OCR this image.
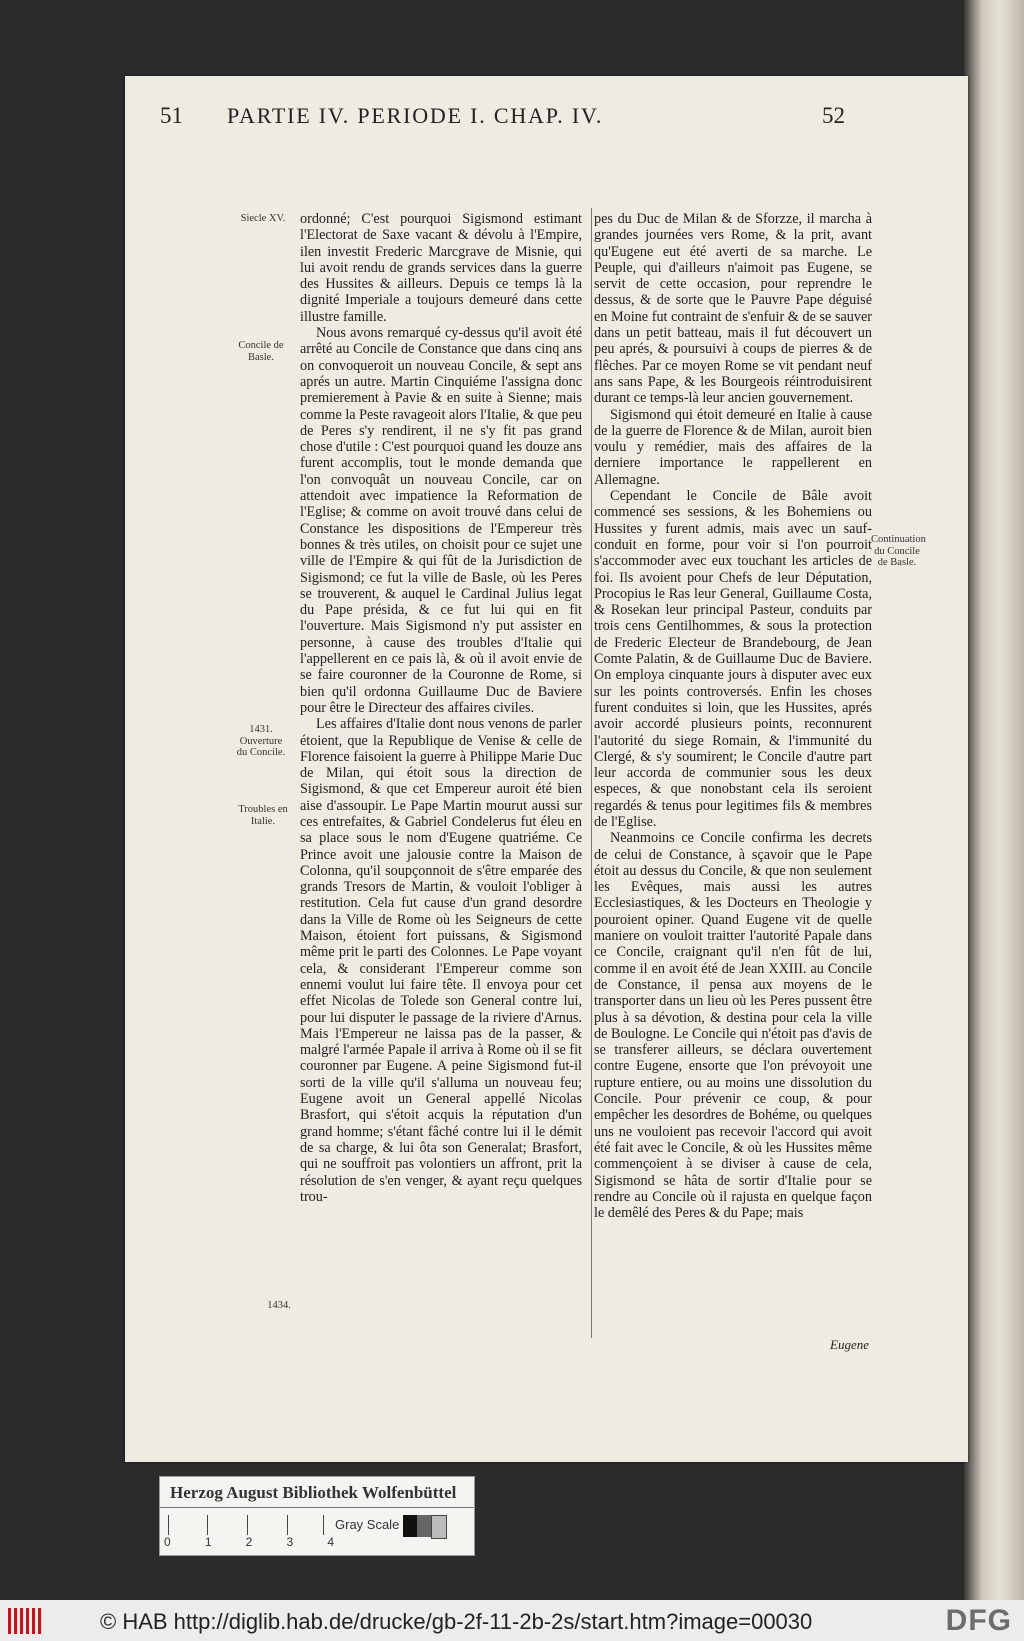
51 PARTIE IV. PERIODE I. CHAP. IV.	52
Siecle XV.
Concile de Basle.
1431. Ouverture du Concile.
Troubles en Italie.
1434.
Continuation du Concile de Basle.

ordonné; C'est pourquoi Sigismond estimant l'Electorat de Saxe vacant & dévolu à l'Empire, ilen investit Frederic Marcgrave de Misnie, qui lui avoit rendu de grands services dans la guerre des Hussites & ailleurs. Depuis ce temps là la dignité Imperiale a toujours demeuré dans cette illustre famille.

Nous avons remarqué cy-dessus qu'il avoit été arrêté au Concile de Constance que dans cinq ans on convoqueroit un nouveau Concile, & sept ans aprés un autre. Martin Cinquiéme l'assigna donc premierement à Pavie & en suite à Sienne; mais comme la Peste ravageoit alors l'Italie, & que peu de Peres s'y rendirent, il ne s'y fit pas grand chose d'utile : C'est pourquoi quand les douze ans furent accomplis, tout le monde demanda que l'on convoquât un nouveau Concile, car on attendoit avec impatience la Reformation de l'Eglise; & comme on avoit trouvé dans celui de Constance les dispositions de l'Empereur très bonnes & très utiles, on choisit pour ce sujet une ville de l'Empire & qui fût de la Jurisdiction de Sigismond; ce fut la ville de Basle, où les Peres se trouverent, & auquel le Cardinal Julius legat du Pape présida, & ce fut lui qui en fit l'ouverture. Mais Sigismond n'y put assister en personne, à cause des troubles d'Italie qui l'appellerent en ce pais là, & où il avoit envie de se faire couronner de la Couronne de Rome, si bien qu'il ordonna Guillaume Duc de Baviere pour être le Directeur des affaires civiles.

Les affaires d'Italie dont nous venons de parler étoient, que la Republique de Venise & celle de Florence faisoient la guerre à Philippe Marie Duc de Milan, qui étoit sous la direction de Sigismond, & que cet Empereur auroit été bien aise d'assoupir. Le Pape Martin mourut aussi sur ces entrefaites, & Gabriel Condelerus fut éleu en sa place sous le nom d'Eugene quatriéme. Ce Prince avoit une jalousie contre la Maison de Colonna, qu'il soupçonnoit de s'être emparée des grands Tresors de Martin, & vouloit l'obliger à restitution. Cela fut cause d'un grand desordre dans la Ville de Rome où les Seigneurs de cette Maison, étoient fort puissans, & Sigismond même prit le parti des Colonnes. Le Pape voyant cela, & considerant l'Empereur comme son ennemi voulut lui faire tête. Il envoya pour cet effet Nicolas de Tolede son General contre lui, pour lui disputer le passage de la riviere d'Arnus. Mais l'Empereur ne laissa pas de la passer, & malgré l'armée Papale il arriva à Rome où il se fit couronner par Eugene. A peine Sigismond fut-il sorti de la ville qu'il s'alluma un nouveau feu; Eugene avoit un General appellé Nicolas Brasfort, qui s'étoit acquis la réputation d'un grand homme; s'étant fâché contre lui il le démit de sa charge, & lui ôta son Generalat; Brasfort, qui ne souffroit pas volontiers un affront, prit la résolution de s'en venger, & ayant reçu quelques trou-

pes du Duc de Milan & de Sforzze, il marcha à grandes journées vers Rome, & la prit, avant qu'Eugene eut été averti de sa marche. Le Peuple, qui d'ailleurs n'aimoit pas Eugene, se servit de cette occasion, pour reprendre le dessus, & de sorte que le Pauvre Pape déguisé en Moine fut contraint de s'enfuir & de se sauver dans un petit batteau, mais il fut découvert un peu aprés, & poursuivi à coups de pierres & de flêches. Par ce moyen Rome se vit pendant neuf ans sans Pape, & les Bourgeois réintroduisirent durant ce temps-là leur ancien gouvernement.

Sigismond qui étoit demeuré en Italie à cause de la guerre de Florence & de Milan, auroit bien voulu y remédier, mais des affaires de la derniere importance le rappellerent en Allemagne.

Cependant le Concile de Bâle avoit commencé ses sessions, & les Bohemiens ou Hussites y furent admis, mais avec un sauf-conduit en forme, pour voir si l'on pourroit s'accommoder avec eux touchant les articles de foi. Ils avoient pour Chefs de leur Députation, Procopius le Ras leur General, Guillaume Costa, & Rosekan leur principal Pasteur, conduits par trois cens Gentilhommes, & sous la protection de Frederic Electeur de Brandebourg, de Jean Comte Palatin, & de Guillaume Duc de Baviere. On employa cinquante jours à disputer avec eux sur les points controversés. Enfin les choses furent conduites si loin, que les Hussites, aprés avoir accordé plusieurs points, reconnurent l'autorité du siege Romain, & l'immunité du Clergé, & s'y soumirent; le Concile d'autre part leur accorda de communier sous les deux especes, & que nonobstant cela ils seroient regardés & tenus pour legitimes fils & membres de l'Eglise.

Neanmoins ce Concile confirma les decrets de celui de Constance, à sçavoir que le Pape étoit au dessus du Concile, & que non seulement les Evêques, mais aussi les autres Ecclesiastiques, & les Docteurs en Theologie y pouroient opiner. Quand Eugene vit de quelle maniere on vouloit traitter l'autorité Papale dans ce Concile, craignant qu'il n'en fût de lui, comme il en avoit été de Jean XXIII. au Concile de Constance, il pensa aux moyens de le transporter dans un lieu où les Peres pussent être plus à sa dévotion, & destina pour cela la ville de Boulogne. Le Concile qui n'étoit pas d'avis de se transferer ailleurs, se déclara ouvertement contre Eugene, ensorte que l'on prévoyoit une rupture entiere, ou au moins une dissolution du Concile. Pour prévenir ce coup, & pour empêcher les desordres de Bohéme, ou quelques uns ne vouloient pas recevoir l'accord qui avoit été fait avec le Concile, & où les Hussites même commençoient à se diviser à cause de cela, Sigismond se hâta de sortir d'Italie pour se rendre au Concile où il rajusta en quelque façon le demêlé des Peres & du Pape; mais

Eugene
Herzog August Bibliothek Wolfenbüttel
Gray Scale
0	1	2	3	4
© HAB http://diglib.hab.de/drucke/gb-2f-11-2b-2s/start.htm?image=00030	DFG
